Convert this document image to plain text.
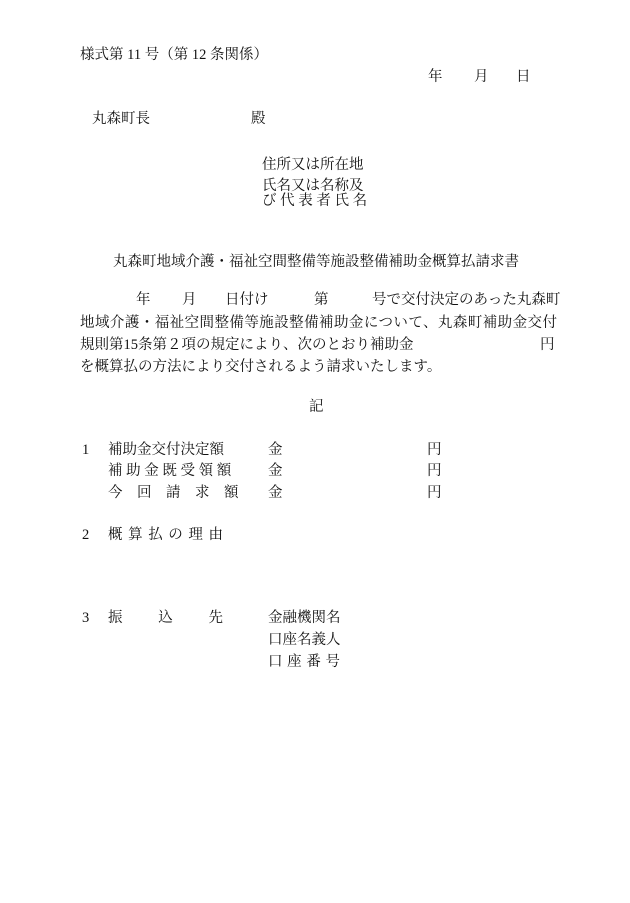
様式第 11 号（第 12 条関係）
年 月 日
丸森町長	殿
住所又は所在地
氏名又は名称及
び 代 表 者 氏 名
丸森町地域介護・福祉空間整備等施設整備補助金概算払請求書
年 月 日付け	第	号で交付決定のあった丸森町
地域介護・福祉空間整備等施設整備補助金について、丸森町補助金交付
規則第15条第２項の規定により、次のとおり補助金	円
を概算払の方法により交付されるよう請求いたします。
記
1 補助金交付決定額	金	円
補 助 金 既 受 領 額	金	円
今　回　請　求　額 金	円
2 概 算 払 の 理 由
3 振　　込　　先	金融機関名
口座名義人
口 座 番 号
